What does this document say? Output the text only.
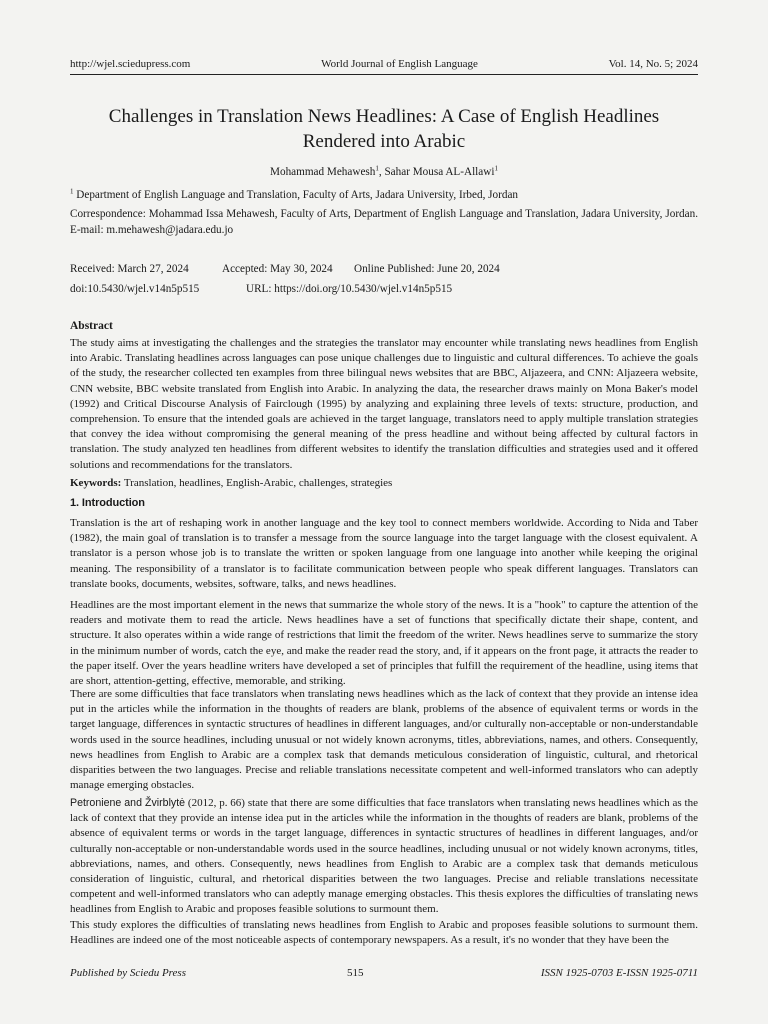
http://wjel.sciedupress.com	World Journal of English Language	Vol. 14, No. 5; 2024
Challenges in Translation News Headlines: A Case of English Headlines
Rendered into Arabic
Mohammad Mehawesh$^1$, Sahar Mousa AL-Allawi$^1$
$^1$ Department of English Language and Translation, Faculty of Arts, Jadara University, Irbed, Jordan
Correspondence: Mohammad Issa Mehawesh, Faculty of Arts, Department of English Language and Translation, Jadara University, Jordan. E-mail: m.mehawesh@jadara.edu.jo
Received: March 27, 2024	Accepted: May 30, 2024	Online Published: June 20, 2024
doi:10.5430/wjel.v14n5p515	URL: https://doi.org/10.5430/wjel.v14n5p515
Abstract

The study aims at investigating the challenges and the strategies the translator may encounter while translating news headlines from English into Arabic. Translating headlines across languages can pose unique challenges due to linguistic and cultural differences. To achieve the goals of the study, the researcher collected ten examples from three bilingual news websites that are BBC, Aljazeera, and CNN: Aljazeera website, CNN website, BBC website translated from English into Arabic. In analyzing the data, the researcher draws mainly on Mona Baker's model (1992) and Critical Discourse Analysis of Fairclough (1995) by analyzing and explaining three levels of texts: structure, production, and comprehension. To ensure that the intended goals are achieved in the target language, translators need to apply multiple translation strategies that convey the idea without compromising the general meaning of the press headline and without being affected by cultural factors in translation. The study analyzed ten headlines from different websites to identify the translation difficulties and strategies used and it offered solutions and recommendations for the translators.

Keywords: Translation, headlines, English-Arabic, challenges, strategies
1. Introduction

Translation is the art of reshaping work in another language and the key tool to connect members worldwide. According to Nida and Taber (1982), the main goal of translation is to transfer a message from the source language into the target language with the closest equivalent. A translator is a person whose job is to translate the written or spoken language from one language into another while keeping the original meaning. The responsibility of a translator is to facilitate communication between people who speak different languages. Translators can translate books, documents, websites, software, talks, and news headlines.

Headlines are the most important element in the news that summarize the whole story of the news. It is a "hook" to capture the attention of the readers and motivate them to read the article. News headlines have a set of functions that specifically dictate their shape, content, and structure. It also operates within a wide range of restrictions that limit the freedom of the writer. News headlines serve to summarize the story in the minimum number of words, catch the eye, and make the reader read the story, and, if it appears on the front page, it attracts the reader to the paper itself. Over the years headline writers have developed a set of principles that fulfill the requirement of the headline, using items that are short, attention-getting, effective, memorable, and striking.

There are some difficulties that face translators when translating news headlines which as the lack of context that they provide an intense idea put in the articles while the information in the thoughts of readers are blank, problems of the absence of equivalent terms or words in the target language, differences in syntactic structures of headlines in different languages, and/or culturally non-acceptable or non-understandable words used in the source headlines, including unusual or not widely known acronyms, titles, abbreviations, names, and others. Consequently, news headlines from English to Arabic are a complex task that demands meticulous consideration of linguistic, cultural, and rhetorical disparities between the two languages. Precise and reliable translations necessitate competent and well-informed translators who can adeptly manage emerging obstacles.

Petroniene and Žvirblytė (2012, p. 66) state that there are some difficulties that face translators when translating news headlines which as the lack of context that they provide an intense idea put in the articles while the information in the thoughts of readers are blank, problems of the absence of equivalent terms or words in the target language, differences in syntactic structures of headlines in different languages, and/or culturally non-acceptable or non-understandable words used in the source headlines, including unusual or not widely known acronyms, titles, abbreviations, names, and others. Consequently, news headlines from English to Arabic are a complex task that demands meticulous consideration of linguistic, cultural, and rhetorical disparities between the two languages. Precise and reliable translations necessitate competent and well-informed translators who can adeptly manage emerging obstacles. This thesis explores the difficulties of translating news headlines from English to Arabic and proposes feasible solutions to surmount them.

This study explores the difficulties of translating news headlines from English to Arabic and proposes feasible solutions to surmount them. Headlines are indeed one of the most noticeable aspects of contemporary newspapers. As a result, it's no wonder that they have been the

Published by Sciedu Press	515	ISSN 1925-0703 E-ISSN 1925-0711
